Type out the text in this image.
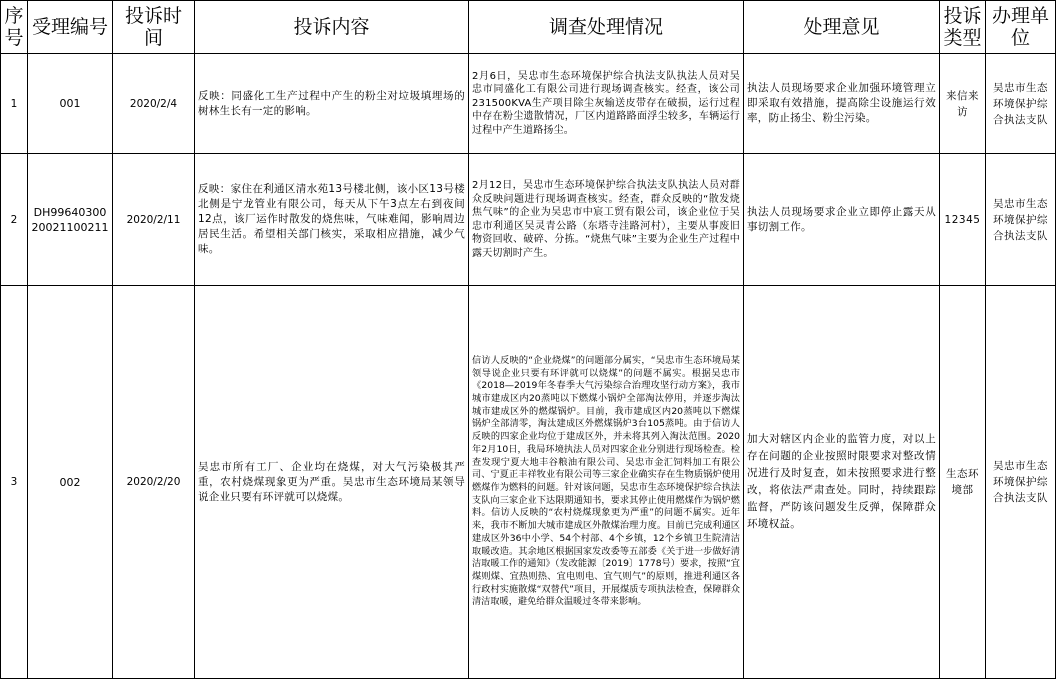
序号	受理编号	投诉时间	投诉内容	调查处理情况	处理意见	投诉类型	办理单位
1	001	2020/2/4	反映：同盛化工生产过程中产生的粉尘对垃圾填埋场的树林生长有一定的影响。	2月6日，吴忠市生态环境保护综合执法支队执法人员对吴忠市同盛化工有限公司进行现场调查核实。经查，该公司231500KVA生产项目除尘灰输送皮带存在破损，运行过程中存在粉尘遗散情况，厂区内道路路面浮尘较多，车辆运行过程中产生道路扬尘。	执法人员现场要求企业加强环境管理立即采取有效措施，提高除尘设施运行效率，防止扬尘、粉尘污染。	来信来访	吴忠市生态环境保护综合执法支队
2	DH9964030020021100211	2020/2/11	反映：家住在利通区清水苑13号楼北侧，该小区13号楼北侧是宁龙管业有限公司，每天从下午3点左右到夜间12点，该厂运作时散发的烧焦味，气味难闻，影响周边居民生活。希望相关部门核实，采取相应措施，减少气味。	2月12日，吴忠市生态环境保护综合执法支队执法人员对群众反映问题进行现场调查核实。经查，群众反映的“散发烧焦气味”的企业为吴忠市中宸工贸有限公司，该企业位于吴忠市利通区吴灵青公路（东塔寺洼路河村），主要从事废旧物资回收、破碎、分拣。“烧焦气味”主要为企业生产过程中露天切割时产生。	执法人员现场要求企业立即停止露天从事切割工作。	12345	吴忠市生态环境保护综合执法支队
3	002	2020/2/20	吴忠市所有工厂、企业均在烧煤，对大气污染极其严重，农村烧煤现象更为严重。吴忠市生态环境局某领导说企业只要有环评就可以烧煤。	信访人反映的“企业烧煤”的问题部分属实，“吴忠市生态环境局某领导说企业只要有环评就可以烧煤”的问题不属实。根据吴忠市《2018—2019年冬春季大气污染综合治理攻坚行动方案》，我市城市建成区内20蒸吨以下燃煤小锅炉全部淘汰停用，并逐步淘汰城市建成区外的燃煤锅炉。目前，我市建成区内20蒸吨以下燃煤锅炉全部清零，淘汰建成区外燃煤锅炉3台105蒸吨。由于信访人反映的四家企业均位于建成区外，并未将其列入淘汰范围。2020年2月10日，我局环境执法人员对四家企业分别进行现场检查。检查发现宁夏大地丰谷粮油有限公司、吴忠市金汇饲料加工有限公司、宁夏正丰祥牧业有限公司等三家企业确实存在生物质锅炉使用燃煤作为燃料的问题。针对该问题，吴忠市生态环境保护综合执法支队向三家企业下达限期通知书，要求其停止使用燃煤作为锅炉燃料。信访人反映的“农村烧煤现象更为严重”的问题不属实。近年来，我市不断加大城市建成区外散煤治理力度。目前已完成利通区建成区外36中小学、54个村部、4个乡镇，12个乡镇卫生院清洁取暖改造。其余地区根据国家发改委等五部委《关于进一步做好清洁取暖工作的通知》（发改能源〔2019〕1778号）要求，按照“宜煤则煤、宜热则热、宜电则电、宜气则气”的原则，推进利通区各行政村实施散煤“双替代”项目，开展煤质专项执法检查，保障群众清洁取暖，避免给群众温暖过冬带来影响。	加大对辖区内企业的监管力度，对以上存在问题的企业按照时限要求对整改情况进行及时复查，如未按照要求进行整改，将依法严肃查处。同时，持续跟踪监督，严防该问题发生反弹，保障群众环境权益。	生态环境部	吴忠市生态环境保护综合执法支队
